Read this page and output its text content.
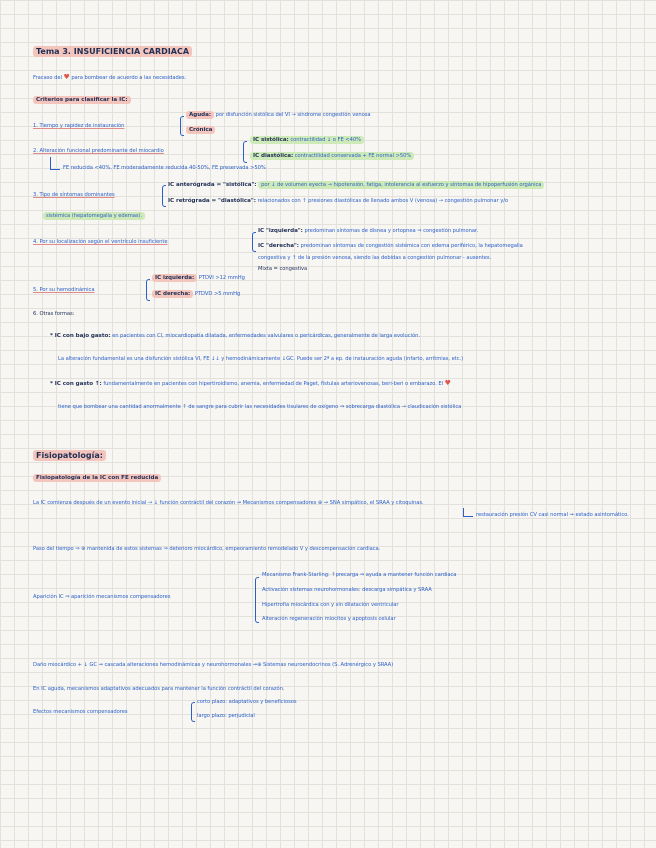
Tema 3. INSUFICIENCIA CARDIACA
Fracaso del ♥ para bombear de acuerdo a las necesidades.
Criterios para clasificar la IC:
1. Tiempo y rapidez de instauración
Aguda: por disfunción sistólica del VI → síndrome congestión venosa
Crónica
2. Alteración funcional predominante del miocardio
IC sistólica: contractilidad ↓ o FE <40%
IC diastólica: contractilidad conservada + FE normal >50%
FE reducida <40%, FE moderadamente reducida 40-50%, FE preservada >50%
3. Tipo de síntomas dominantes
IC anterógrada = "sistólica": por ↓ de volumen eyecta → hipotensión, fatiga, intolerancia al esfuerzo y síntomas de hipoperfusión orgánica
IC retrógrada = "diastólica": relacionados con ↑ presiones diastólicas de llenado ambos V (venosa) → congestión pulmonar y/o
sistémica (hepatomegalia y edemas).
4. Por su localización según el ventrículo insuficiente
IC "izquierda": predominan síntomas de disnea y ortopnea ⇒ congestión pulmonar.
IC "derecha": predominan síntomas de congestión sistémica con edema periférico, la hepatomegalia
congestiva y ↑ de la presión venosa, siendo las debidas a congestión pulmonar - ausentes.
Mixta = congestiva
5. Por su hemodinámica
IC izquierda: PTDVI >12 mmHg
IC derecha: PTDVD >5 mmHg
6. Otras formas:
* IC con bajo gasto: en pacientes con CI, miocardiopatía dilatada, enfermedades valvulares o pericárdicas, generalmente de larga evolución.
La alteración fundamental es una disfunción sistólica VI, FE ↓↓ y hemodinámicamente ↓GC. Puede ser 2ª a ep. de instauración aguda (infarto, arritmias, etc.)
* IC con gasto ↑: fundamentalmente en pacientes con hipertiroidismo, anemia, enfermedad de Paget, fístulas arteriovenosas, beri-beri o embarazo. El ♥
tiene que bombear una cantidad anormalmente ↑ de sangre para cubrir las necesidades tisulares de oxígeno ⇒ sobrecarga diastólica → claudicación sistólica
Fisiopatología:
Fisiopatología de la IC con FE reducida
La IC comienza después de un evento inicial → ↓ función contráctil del corazón ⇝ Mecanismos compensadores ⊕ ⇝ SNA simpático, el SRAA y citoquinas.
restauración presión CV casi normal ⇝ estado asintomático.
Paso del tiempo ⇒ ⊕ mantenida de estos sistemas ⇒ deterioro miocárdico, empeoramiento remodelado V y descompensación cardiaca.
Aparición IC ⇒ aparición mecanismos compensadores
Mecanismo Frank-Starling: ↑precarga ⇒ ayuda a mantener función cardiaca
Activación sistemas neurohormonales: descarga simpática y SRAA
Hipertrofia miocárdica con y sin dilatación ventricular
Alteración regeneración miocitos y apoptosis celular
Daño miocárdico + ↓ GC ⇝ cascada alteraciones hemodinámicas y neurohormonales ⇝⊕ Sistemas neuroendocrinos (S. Adrenérgico y SRAA)
En IC aguda, mecanismos adaptativos adecuados para mantener la función contráctil del corazón.
Efectos mecanismos compensadores
corto plazo: adaptativos y beneficiosos
largo plazo: perjudicial
